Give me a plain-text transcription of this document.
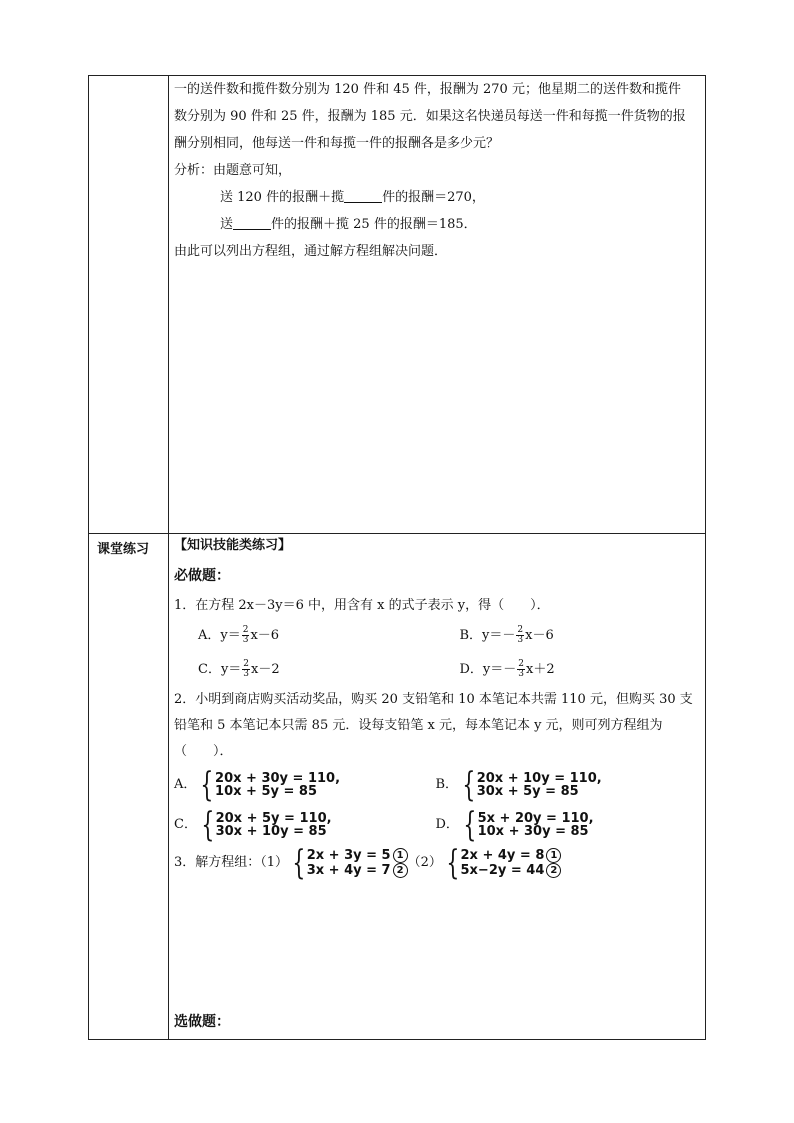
一的送件数和揽件数分别为 120 件和 45 件，报酬为 270 元；他星期二的送件数和揽件

数分别为 90 件和 25 件，报酬为 185 元．如果这名快递员每送一件和每揽一件货物的报

酬分别相同，他每送一件和每揽一件的报酬各是多少元？

分析：由题意可知，

送 120 件的报酬＋揽	件的报酬＝270，

送	件的报酬＋揽 25 件的报酬＝185．

由此可以列出方程组，通过解方程组解决问题．

课堂练习	【知识技能类练习】

必做题：

1．在方程 2x－3y＝6 中，用含有 x 的式子表示 y，得（　　）．

A．$y= \frac{2}{3} x-6$	B．$y=- \frac{2}{3} x-6$
C．$y= \frac{2}{3} x-2$	D．$y=- \frac{2}{3} x+2$

2．小明到商店购买活动奖品，购买 20 支铅笔和 10 本笔记本共需 110 元，但购买 30 支

铅笔和 5 本笔记本只需 85 元．设每支铅笔 x 元，每本笔记本 y 元，则可列方程组为

（　　）．

A． { 20x + 30y = 110,
10x + 5y = 85	B． { 20x + 10y = 110,
30x + 5y = 85
C． { 20x + 5y = 110,
30x + 10y = 85	D． { 5x + 20y = 110,
10x + 30y = 85
3．解方程组：（1） { 2x + 3y = 5 1
3x + 4y = 7 2
（2） { 2x + 4y = 8 1
5x−2y = 44 2
选做题：
